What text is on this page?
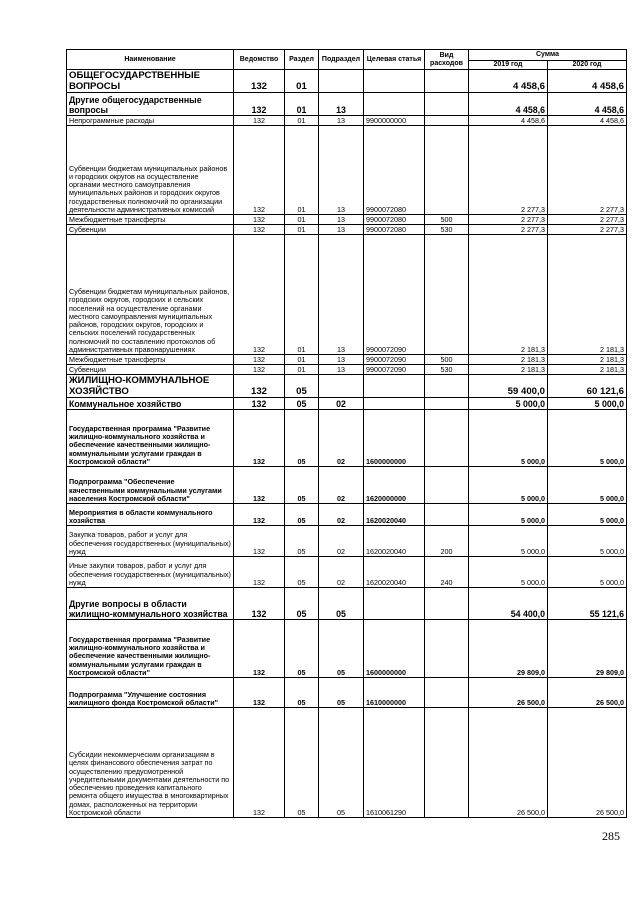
Наименование	Ведомство	Раздел	Подраздел	Целевая статья	Вид расходов	Сумма	
						2019 год	2020 год
ОБЩЕГОСУДАРСТВЕННЫЕ ВОПРОСЫ	132	01				4 458,6	4 458,6
Другие общегосударственные вопросы	132	01	13			4 458,6	4 458,6
Непрограммные расходы	132	01	13	9900000000		4 458,6	4 458,6
Субвенции бюджетам муниципальных районов и городских округов на осуществление органами местного самоуправления муниципальных районов и городских округов государственных полномочий по организации деятельности административных комиссий	132	01	13	9900072080		2 277,3	2 277,3
Межбюджетные трансферты	132	01	13	9900072080	500	2 277,3	2 277,3
Субвенции	132	01	13	9900072080	530	2 277,3	2 277,3
Субвенции бюджетам муниципальных районов, городских округов, городских и сельских поселений на осуществление органами местного самоуправления муниципальных районов, городских округов, городских и сельских поселений государственных полномочий по составлению протоколов об административных правонарушениях	132	01	13	9900072090		2 181,3	2 181,3
Межбюджетные трансферты	132	01	13	9900072090	500	2 181,3	2 181,3
Субвенции	132	01	13	9900072090	530	2 181,3	2 181,3
ЖИЛИЩНО-КОММУНАЛЬНОЕ ХОЗЯЙСТВО	132	05				59 400,0	60 121,6
Коммунальное хозяйство	132	05	02			5 000,0	5 000,0
Государственная программа "Развитие жилищно-коммунального хозяйства и обеспечение качественными жилищно-коммунальными услугами граждан в Костромской области"	132	05	02	1600000000		5 000,0	5 000,0
Подпрограмма "Обеспечение качественными коммунальными услугами населения Костромской области"	132	05	02	1620000000		5 000,0	5 000,0
Мероприятия в области коммунального хозяйства	132	05	02	1620020040		5 000,0	5 000,0
Закупка товаров, работ и услуг для обеспечения государственных (муниципальных) нужд	132	05	02	1620020040	200	5 000,0	5 000,0
Иные закупки товаров, работ и услуг для обеспечения государственных (муниципальных) нужд	132	05	02	1620020040	240	5 000,0	5 000,0
Другие вопросы в области жилищно-коммунального хозяйства	132	05	05			54 400,0	55 121,6
Государственная программа "Развитие жилищно-коммунального хозяйства и обеспечение качественными жилищно-коммунальными услугами граждан в Костромской области"	132	05	05	1600000000		29 809,0	29 809,0
Подпрограмма "Улучшение состояния жилищного фонда Костромской области"	132	05	05	1610000000		26 500,0	26 500,0
Субсидии некоммерческим организациям в целях финансового обеспечения затрат по осуществлению предусмотренной учредительными документами деятельности по обеспечению проведения капитального ремонта общего имущества в многоквартирных домах, расположенных на территории Костромской области	132	05	05	1610061290		26 500,0	26 500,0
285
